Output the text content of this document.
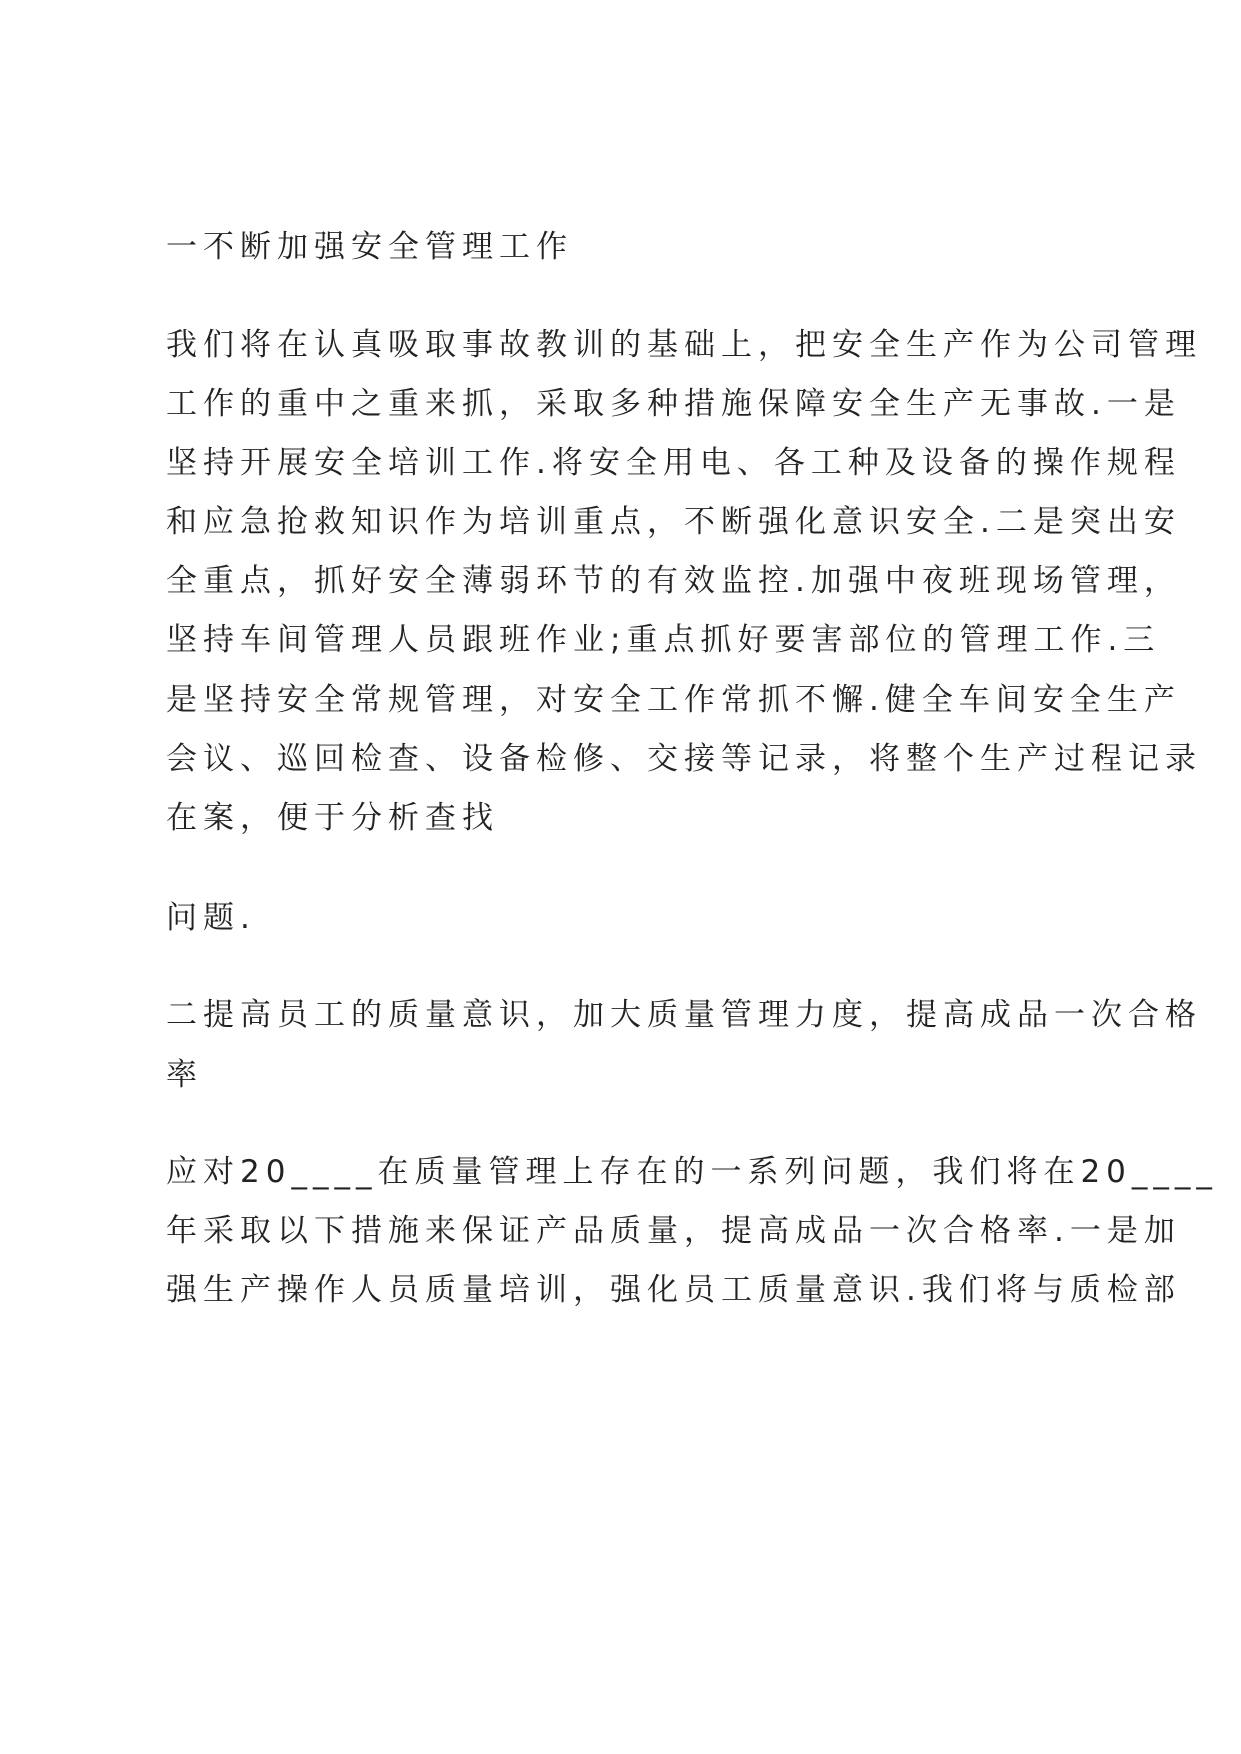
一不断加强安全管理工作

我们将在认真吸取事故教训的基础上，把安全生产作为公司管理

工作的重中之重来抓，采取多种措施保障安全生产无事故.一是

坚持开展安全培训工作.将安全用电、各工种及设备的操作规程

和应急抢救知识作为培训重点，不断强化意识安全.二是突出安

全重点，抓好安全薄弱环节的有效监控.加强中夜班现场管理，

坚持车间管理人员跟班作业;重点抓好要害部位的管理工作.三

是坚持安全常规管理，对安全工作常抓不懈.健全车间安全生产

会议、巡回检查、设备检修、交接等记录，将整个生产过程记录

在案，便于分析查找

问题.

二提高员工的质量意识，加大质量管理力度，提高成品一次合格
率

应对20____在质量管理上存在的一系列问题，我们将在20____

年采取以下措施来保证产品质量，提高成品一次合格率.一是加

强生产操作人员质量培训，强化员工质量意识.我们将与质检部
